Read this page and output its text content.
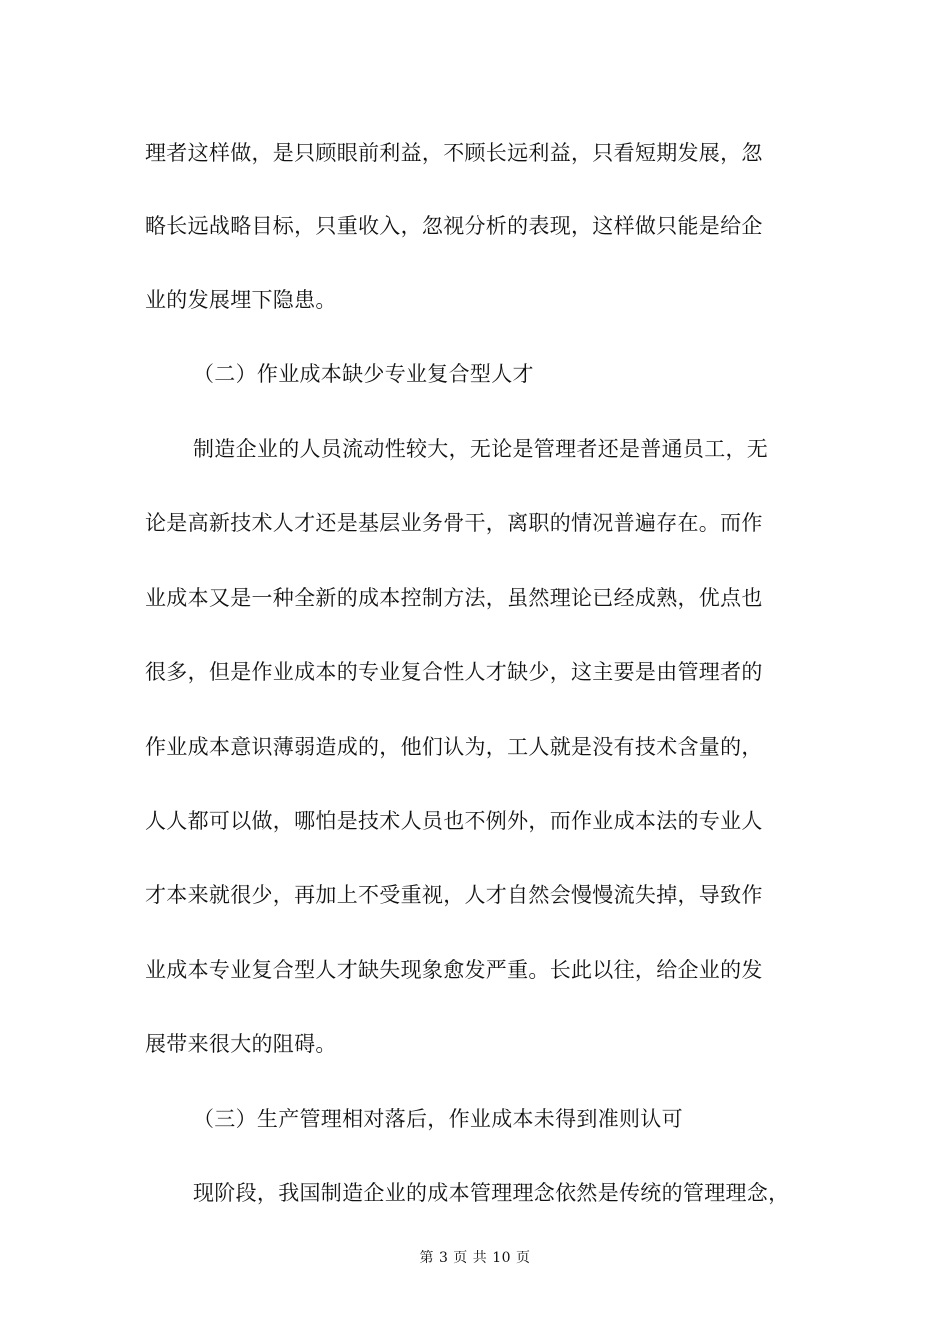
理者这样做，是只顾眼前利益，不顾长远利益，只看短期发展，忽
略长远战略目标，只重收入，忽视分析的表现，这样做只能是给企
业的发展埋下隐患。
（二）作业成本缺少专业复合型人才
制造企业的人员流动性较大，无论是管理者还是普通员工，无
论是高新技术人才还是基层业务骨干，离职的情况普遍存在。而作
业成本又是一种全新的成本控制方法，虽然理论已经成熟，优点也
很多，但是作业成本的专业复合性人才缺少，这主要是由管理者的
作业成本意识薄弱造成的，他们认为，工人就是没有技术含量的，
人人都可以做，哪怕是技术人员也不例外，而作业成本法的专业人
才本来就很少，再加上不受重视，人才自然会慢慢流失掉，导致作
业成本专业复合型人才缺失现象愈发严重。长此以往，给企业的发
展带来很大的阻碍。
（三）生产管理相对落后，作业成本未得到准则认可
现阶段，我国制造企业的成本管理理念依然是传统的管理理念，
第 3 页 共 10 页
